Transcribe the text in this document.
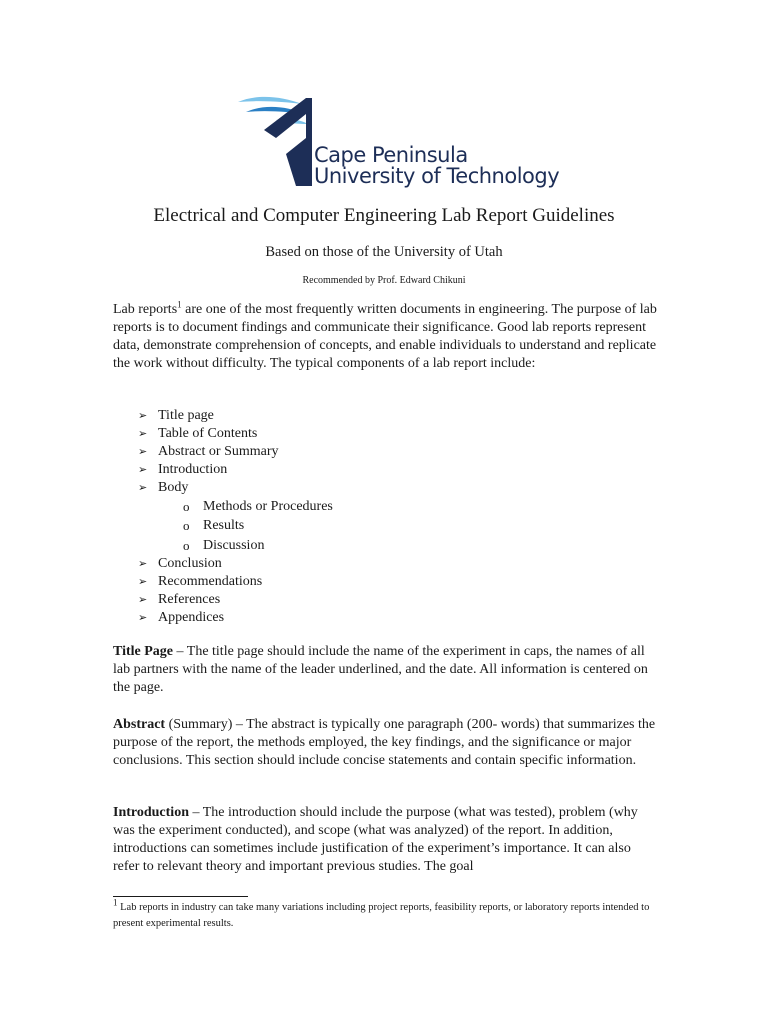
Cape Peninsula
University of Technology
Electrical and Computer Engineering Lab Report Guidelines
Based on those of the University of Utah
Recommended by Prof. Edward Chikuni

Lab reports$^1$ are one of the most frequently written documents in engineering. The purpose of lab reports is to document findings and communicate their significance. Good lab reports represent data, demonstrate comprehension of concepts, and enable individuals to understand and replicate the work without difficulty. The typical components of a lab report include:

➢ Title page
➢ Table of Contents
➢ Abstract or Summary
➢ Introduction
➢ Body
o Methods or Procedures
o Results
o Discussion
➢ Conclusion
➢ Recommendations
➢ References
➢ Appendices

Title Page – The title page should include the name of the experiment in caps, the names of all lab partners with the name of the leader underlined, and the date. All information is centered on the page.

Abstract (Summary) – The abstract is typically one paragraph (200- words) that summarizes the purpose of the report, the methods employed, the key findings, and the significance or major conclusions. This section should include concise statements and contain specific information.

Introduction – The introduction should include the purpose (what was tested), problem (why was the experiment conducted), and scope (what was analyzed) of the report. In addition, introductions can sometimes include justification of the experiment’s importance. It can also refer to relevant theory and important previous studies. The goal

$^1$ Lab reports in industry can take many variations including project reports, feasibility reports, or laboratory reports intended to present experimental results.
